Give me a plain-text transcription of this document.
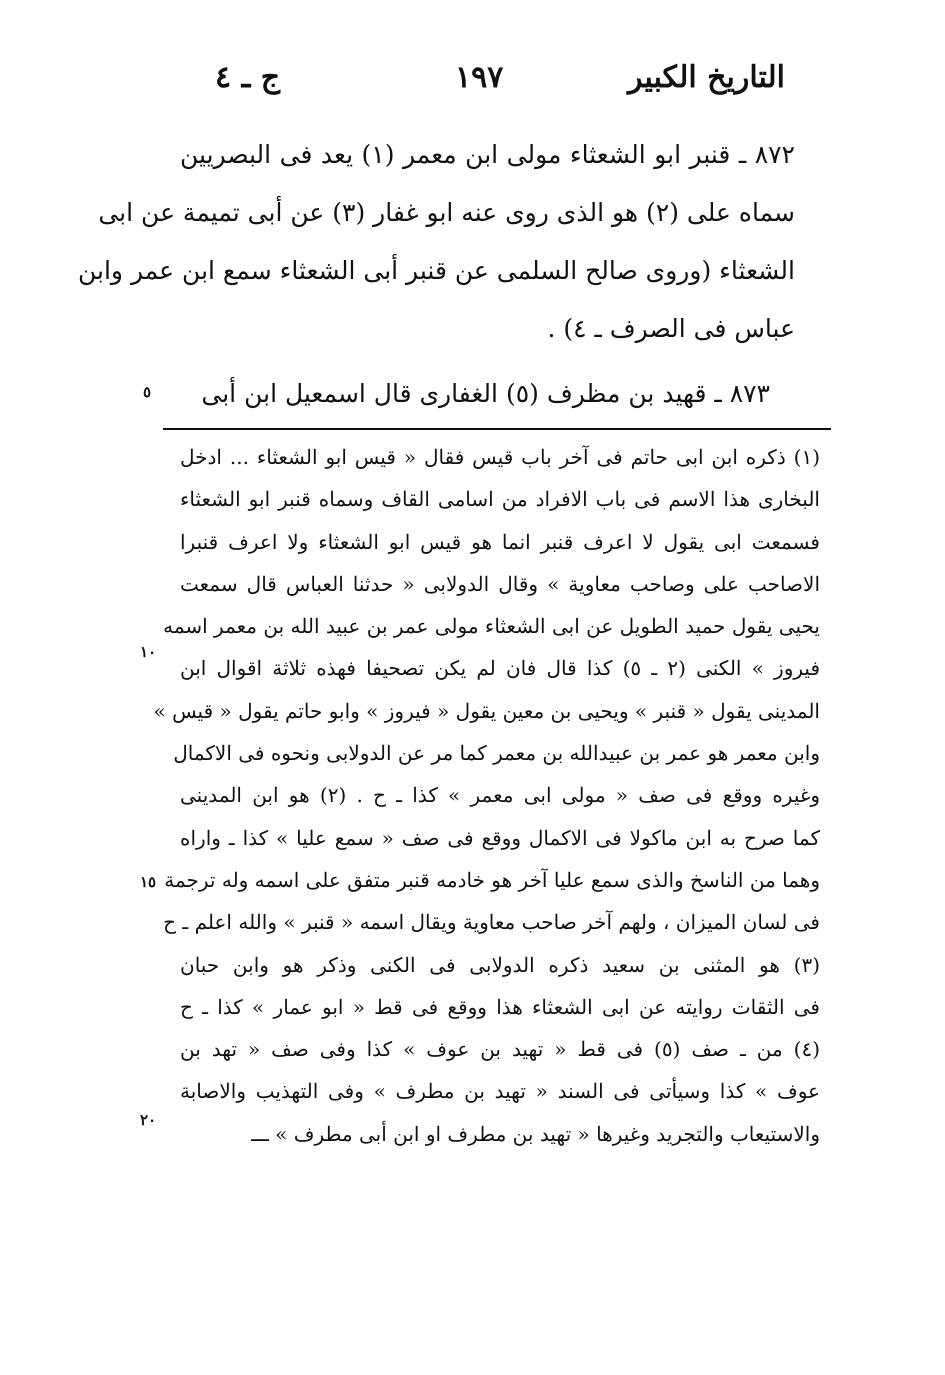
التاريخ الكبير
١٩٧
ج ـ ٤
٨٧٢ ـ قنبر ابو الشعثاء مولى ابن معمر (١) يعد فى البصريين
سماه على (٢) هو الذى روى عنه ابو غفار (٣) عن أبى تميمة عن ابى
الشعثاء (وروى صالح السلمى عن قنبر أبى الشعثاء سمع ابن عمر وابن
عباس فى الصرف ـ ٤) .
٨٧٣ ـ قهيد بن مظرف (٥) الغفارى قال اسمعيل ابن أبى
٥
(١) ذكره ابن ابى حاتم فى آخر باب قيس فقال « قيس ابو الشعثاء ... ادخل
البخارى هذا الاسم فى باب الافراد من اسامى القاف وسماه قنبر ابو الشعثاء
فسمعت ابى يقول لا اعرف قنبر انما هو قيس ابو الشعثاء ولا اعرف قنبرا
الاصاحب على وصاحب معاوية » وقال الدولابى « حدثنا العباس قال سمعت
يحيى يقول حميد الطويل عن ابى الشعثاء مولى عمر بن عبيد الله بن معمر اسمه
فيروز » الكنى (٢ ـ ٥) كذا قال فان لم يكن تصحيفا فهذه ثلاثة اقوال ابن
المدينى يقول « قنبر » ويحيى بن معين يقول « فيروز » وابو حاتم يقول « قيس »
وابن معمر هو عمر بن عبيدالله بن معمر كما مر عن الدولابى ونحوه فى الاكمال
وغيره ووقع فى صف « مولى ابى معمر » كذا ـ ح . (٢) هو ابن المدينى
كما صرح به ابن ماكولا فى الاكمال ووقع فى صف « سمع عليا » كذا ـ واراه
وهما من الناسخ والذى سمع عليا آخر هو خادمه قنبر متفق على اسمه وله ترجمة
فى لسان الميزان ، ولهم آخر صاحب معاوية ويقال اسمه « قنبر » والله اعلم ـ ح
(٣) هو المثنى بن سعيد ذكره الدولابى فى الكنى وذكر هو وابن حبان
فى الثقات روايته عن ابى الشعثاء هذا ووقع فى قط « ابو عمار » كذا ـ ح
(٤) من ـ صف (٥) فى قط « تهيد بن عوف » كذا وفى صف « تهد بن
عوف » كذا وسيأتى فى السند « تهيد بن مطرف » وفى التهذيب والاصابة
والاستيعاب والتجريد وغيرها « تهيد بن مطرف او ابن أبى مطرف » ـــ
١٠
١٥
٢٠
